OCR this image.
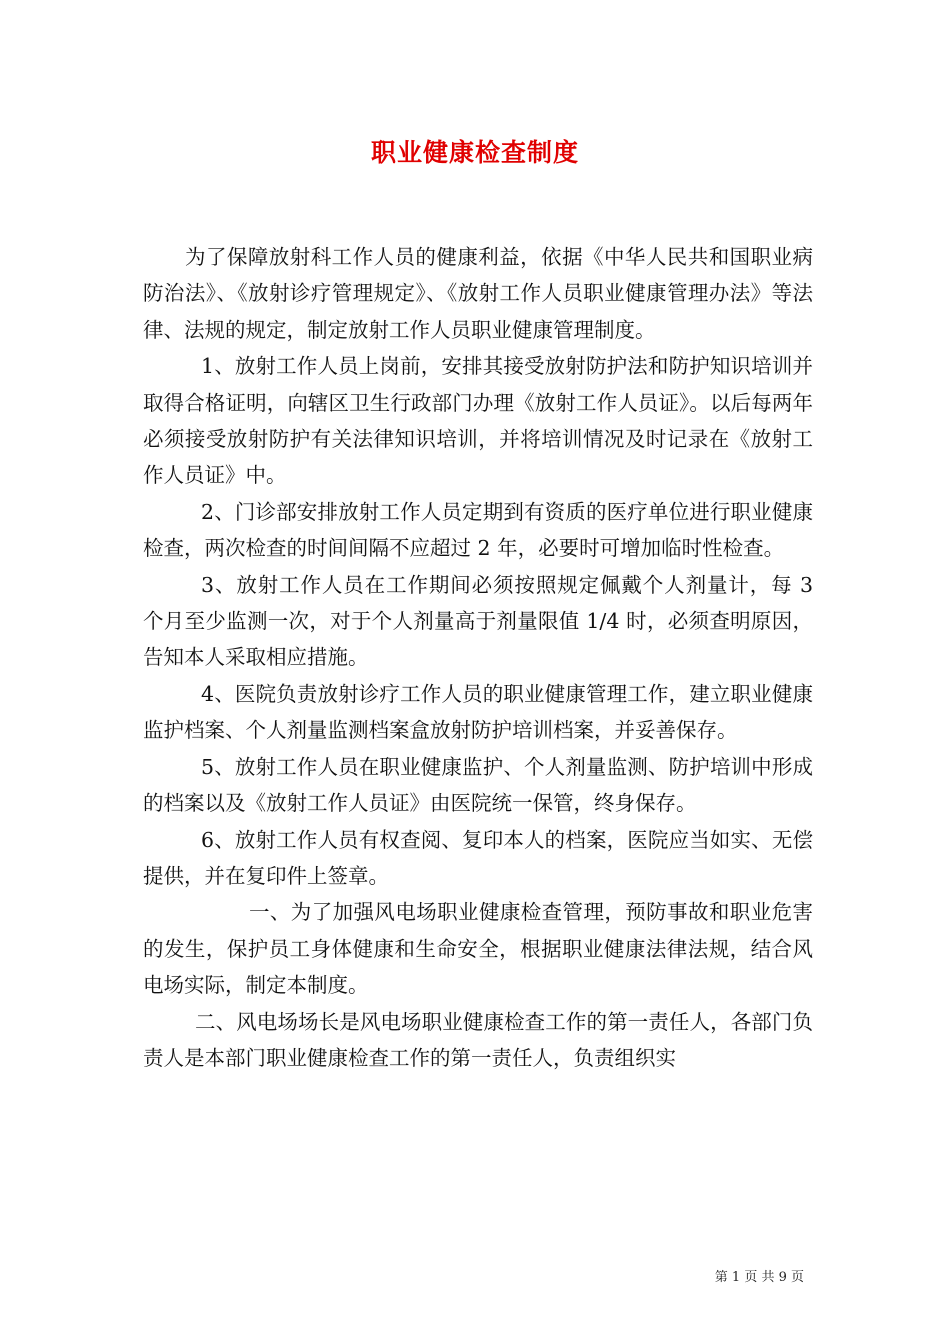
职业健康检查制度

为了保障放射科工作人员的健康利益，依据《中华人民共和国职业病防治法》、《放射诊疗管理规定》、《放射工作人员职业健康管理办法》等法律、法规的规定，制定放射工作人员职业健康管理制度。

1、放射工作人员上岗前，安排其接受放射防护法和防护知识培训并取得合格证明，向辖区卫生行政部门办理《放射工作人员证》。以后每两年必须接受放射防护有关法律知识培训，并将培训情况及时记录在《放射工作人员证》中。

2、门诊部安排放射工作人员定期到有资质的医疗单位进行职业健康检查，两次检查的时间间隔不应超过 2 年，必要时可增加临时性检查。

3、放射工作人员在工作期间必须按照规定佩戴个人剂量计，每 3 个月至少监测一次，对于个人剂量高于剂量限值 1/4 时，必须查明原因，告知本人采取相应措施。

4、医院负责放射诊疗工作人员的职业健康管理工作，建立职业健康监护档案、个人剂量监测档案盒放射防护培训档案，并妥善保存。

5、放射工作人员在职业健康监护、个人剂量监测、防护培训中形成的档案以及《放射工作人员证》由医院统一保管，终身保存。

6、放射工作人员有权查阅、复印本人的档案，医院应当如实、无偿提供，并在复印件上签章。

一、为了加强风电场职业健康检查管理，预防事故和职业危害的发生，保护员工身体健康和生命安全，根据职业健康法律法规，结合风电场实际，制定本制度。

二、风电场场长是风电场职业健康检查工作的第一责任人，各部门负责人是本部门职业健康检查工作的第一责任人，负责组织实

第 1 页 共 9 页
